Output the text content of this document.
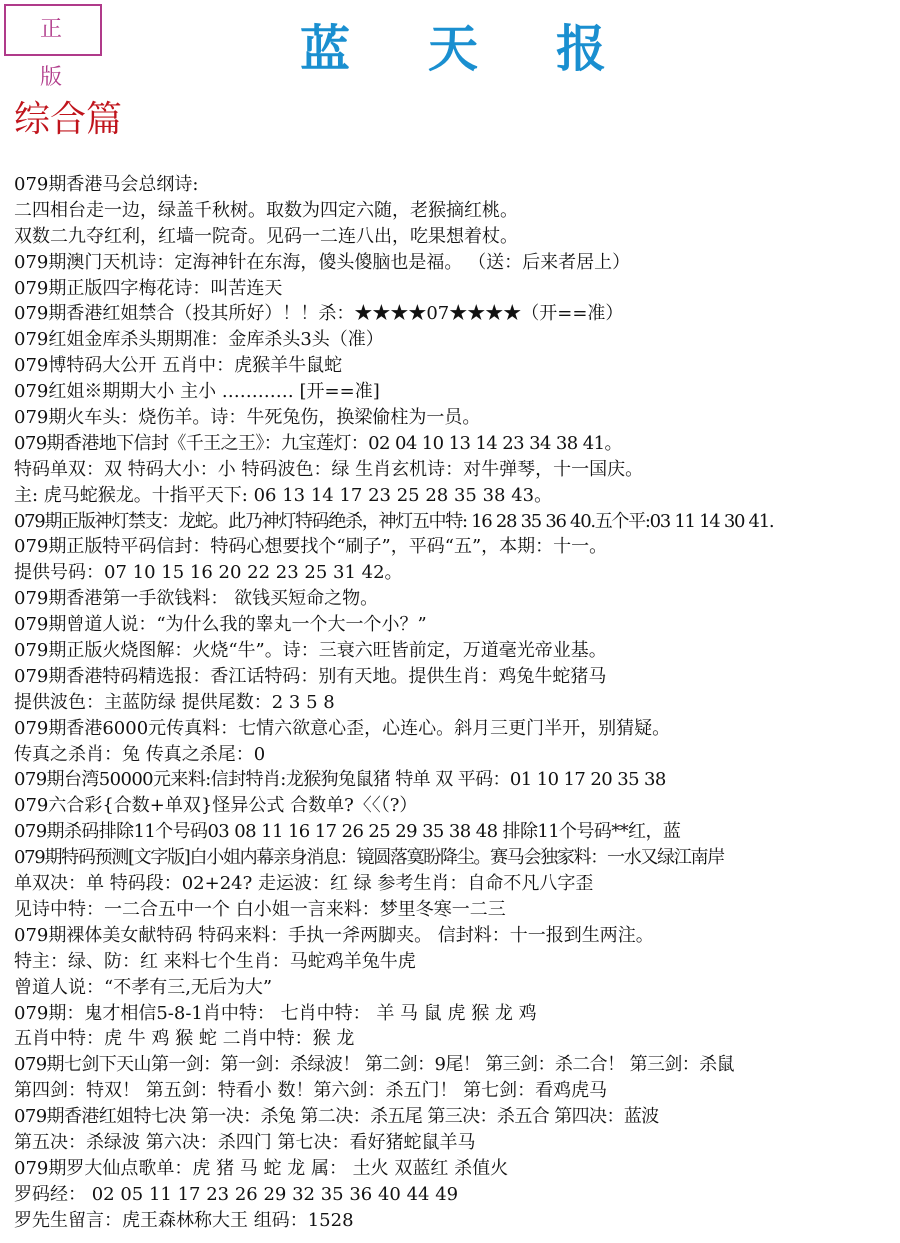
正 版	蓝天报
综合篇
079期香港马会总纲诗:
二四相台走一边，绿盖千秋树。取数为四定六随，老猴摘红桃。
双数二九夺红利，红墙一院奇。见码一二连八出，吃果想着杖。
079期澳门天机诗：定海神针在东海，傻头傻脑也是福。 （送：后来者居上）
079期正版四字梅花诗：叫苦连天
079期香港红姐禁合（投其所好）！！杀：★★★★07★★★★（开==准）
079红姐金库杀头期期准：金库杀头3头（准）
079博特码大公开 五肖中：虎猴羊牛鼠蛇
079红姐※期期大小 主小 ………… [开==准]
079期火车头：烧伤羊。诗：牛死兔伤，换梁偷柱为一员。
079期香港地下信封《千王之王》：九宝莲灯：02 04 10 13 14 23 34 38 41。
特码单双：双 特码大小：小 特码波色：绿 生肖玄机诗：对牛弹琴，十一国庆。
主: 虎马蛇猴龙。十指平天下: 06 13 14 17 23 25 28 35 38 43。
079期正版神灯禁支：龙蛇。此乃神灯特码绝杀，神灯五中特: 16 28 35 36 40.五个平:03 11 14 30 41.
079期正版特平码信封：特码心想要找个“刷子”，平码“五”，本期：十一。
提供号码：07 10 15 16 20 22 23 25 31 42。
079期香港第一手欲钱料： 欲钱买短命之物。
079期曾道人说：“为什么我的睾丸一个大一个小？”
079期正版火烧图解：火烧“牛”。诗：三衰六旺皆前定，万道毫光帝业基。
079期香港特码精选报：香江话特码：别有天地。提供生肖：鸡兔牛蛇猪马
提供波色：主蓝防绿 提供尾数：2 3 5 8
079期香港6000元传真料：七情六欲意心歪，心连心。斜月三更门半开，别猜疑。
传真之杀肖：兔 传真之杀尾：0
079期台湾50000元来料:信封特肖:龙猴狗兔鼠猪 特单 双 平码：01 10 17 20 35 38
079六合彩{合数+单双}怪异公式 合数单?〈〈（?）
079期杀码排除11个号码03 08 11 16 17 26 25 29 35 38 48 排除11个号码**红，蓝
079期特码预测[文字版]白小姐内幕亲身消息：镜圆落寞盼降尘。赛马会独家料：一水又绿江南岸
单双决：单 特码段：02+24? 走运波：红 绿 参考生肖：自命不凡八字歪
见诗中特：一二合五中一个 白小姐一言来料：梦里冬寒一二三
079期裸体美女献特码 特码来料：手执一斧两脚夹。 信封料：十一报到生两注。
特主：绿、防：红 来料七个生肖：马蛇鸡羊兔牛虎
曾道人说：“不孝有三,无后为大”
079期：鬼才相信5-8-1肖中特： 七肖中特： 羊 马 鼠 虎 猴 龙 鸡
五肖中特：虎 牛 鸡 猴 蛇 二肖中特：猴 龙
079期七剑下天山第一剑：第一剑：杀绿波！ 第二剑：9尾！ 第三剑：杀二合！ 第三剑：杀鼠
第四剑：特双！ 第五剑：特看小 数！第六剑：杀五门！ 第七剑：看鸡虎马
079期香港红姐特七决 第一决：杀兔 第二决：杀五尾 第三决：杀五合 第四决：蓝波
第五决：杀绿波 第六决：杀四门 第七决：看好猪蛇鼠羊马
079期罗大仙点歌单：虎 猪 马 蛇 龙 属： 土火 双蓝红 杀值火
罗码经： 02 05 11 17 23 26 29 32 35 36 40 44 49
罗先生留言：虎王森林称大王 组码：1528
